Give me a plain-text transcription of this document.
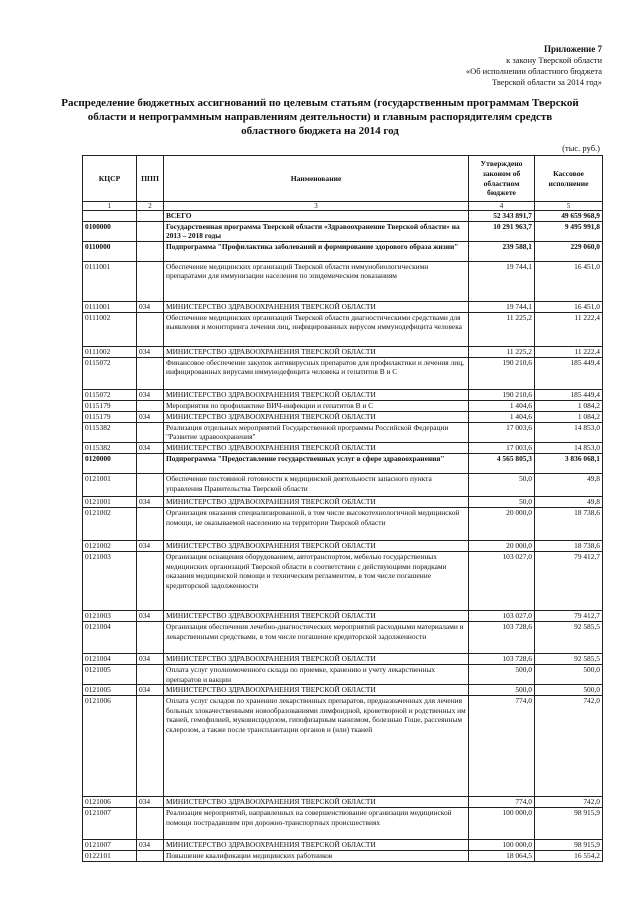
Приложение 7
к закону Тверской области
«Об исполнении областного бюджета
Тверской области за 2014 год»
Распределение бюджетных ассигнований по целевым статьям (государственным программам Тверской области и непрограммным направлениям деятельности) и главным распорядителям средств областного бюджета на 2014 год
(тыс. руб.)
КЦСР	ППП	Наименование	Утверждено законом об областном бюджете	Кассовое исполнение
1	2	3	4	5
		ВСЕГО	52 343 891,7	49 659 968,9
0100000		Государственная программа Тверской области «Здравоохранение Тверской области» на 2013 – 2018 годы	10 291 963,7	9 495 991,8
0110000		Подпрограмма "Профилактика заболеваний и формирование здорового образа жизни"	239 588,1	229 060,0
0111001		Обеспечение медицинских организаций Тверской области иммунобиологическими препаратами для иммунизации населения по эпидемическим показаниям	19 744,1	16 451,0
0111001	034	МИНИСТЕРСТВО ЗДРАВООХРАНЕНИЯ ТВЕРСКОЙ ОБЛАСТИ	19 744,1	16 451,0
0111002		Обеспечение медицинских организаций Тверской области диагностическими средствами для выявления и мониторинга лечения лиц, инфицированных вирусом иммунодефицита человека	11 225,2	11 222,4
0111002	034	МИНИСТЕРСТВО ЗДРАВООХРАНЕНИЯ ТВЕРСКОЙ ОБЛАСТИ	11 225,2	11 222,4
0115072		Финансовое обеспечение закупок антивирусных препаратов для профилактики и лечения лиц, инфицированных вирусами иммунодефицита человека и гепатитов В и С	190 210,6	185 449,4
0115072	034	МИНИСТЕРСТВО ЗДРАВООХРАНЕНИЯ ТВЕРСКОЙ ОБЛАСТИ	190 210,6	185 449,4
0115179		Мероприятия по профилактике ВИЧ-инфекции и гепатитов В и С	1 404,6	1 084,2
0115179	034	МИНИСТЕРСТВО ЗДРАВООХРАНЕНИЯ ТВЕРСКОЙ ОБЛАСТИ	1 404,6	1 084,2
0115382		Реализация отдельных мероприятий Государственной программы Российской Федерации "Развитие здравоохранения"	17 003,6	14 853,0
0115382	034	МИНИСТЕРСТВО ЗДРАВООХРАНЕНИЯ ТВЕРСКОЙ ОБЛАСТИ	17 003,6	14 853,0
0120000		Подпрограмма "Предоставление государственных услуг в сфере здравоохранения"	4 565 805,3	3 836 068,1
0121001		Обеспечение постоянной готовности к медицинской деятельности запасного пункта управления Правительства Тверской области	50,0	49,8
0121001	034	МИНИСТЕРСТВО ЗДРАВООХРАНЕНИЯ ТВЕРСКОЙ ОБЛАСТИ	50,0	49,8
0121002		Организация оказания специализированной, в том числе высокотехнологичной медицинской помощи, не оказываемой населению на территории Тверской области	20 000,0	18 738,6
0121002	034	МИНИСТЕРСТВО ЗДРАВООХРАНЕНИЯ ТВЕРСКОЙ ОБЛАСТИ	20 000,0	18 738,6
0121003		Организация оснащения оборудованием, автотранспортом, мебелью государственных медицинских организаций Тверской области в соответствии с действующими порядками оказания медицинской помощи и техническим регламентом, в том числе погашение кредиторской задолженности	103 027,0	79 412,7
0121003	034	МИНИСТЕРСТВО ЗДРАВООХРАНЕНИЯ ТВЕРСКОЙ ОБЛАСТИ	103 027,0	79 412,7
0121004		Организация обеспечения лечебно-диагностических мероприятий расходными материалами и лекарственными средствами, в том числе погашение кредиторской задолженности	103 728,6	92 585,5
0121004	034	МИНИСТЕРСТВО ЗДРАВООХРАНЕНИЯ ТВЕРСКОЙ ОБЛАСТИ	103 728,6	92 585,5
0121005		Оплата услуг уполномоченного склада по приемке, хранению и учету лекарственных препаратов и вакцин	500,0	500,0
0121005	034	МИНИСТЕРСТВО ЗДРАВООХРАНЕНИЯ ТВЕРСКОЙ ОБЛАСТИ	500,0	500,0
0121006		Оплата услуг складов по хранению лекарственных препаратов, предназначенных для лечения больных злокачественными новообразованиями лимфоидной, кроветворной и родственных им тканей, гемофилией, муковисцидозом, гипофизарным нанизмом, болезнью Гоше, рассеянным склерозом, а также после трансплантации органов и (или) тканей	774,0	742,0
0121006	034	МИНИСТЕРСТВО ЗДРАВООХРАНЕНИЯ ТВЕРСКОЙ ОБЛАСТИ	774,0	742,0
0121007		Реализация мероприятий, направленных на совершенствование организации медицинской помощи пострадавшим при дорожно-транспортных происшествиях	100 000,0	98 915,9
0121007	034	МИНИСТЕРСТВО ЗДРАВООХРАНЕНИЯ ТВЕРСКОЙ ОБЛАСТИ	100 000,0	98 915,9
0122101		Повышение квалификации медицинских работников	18 064,5	16 554,2
